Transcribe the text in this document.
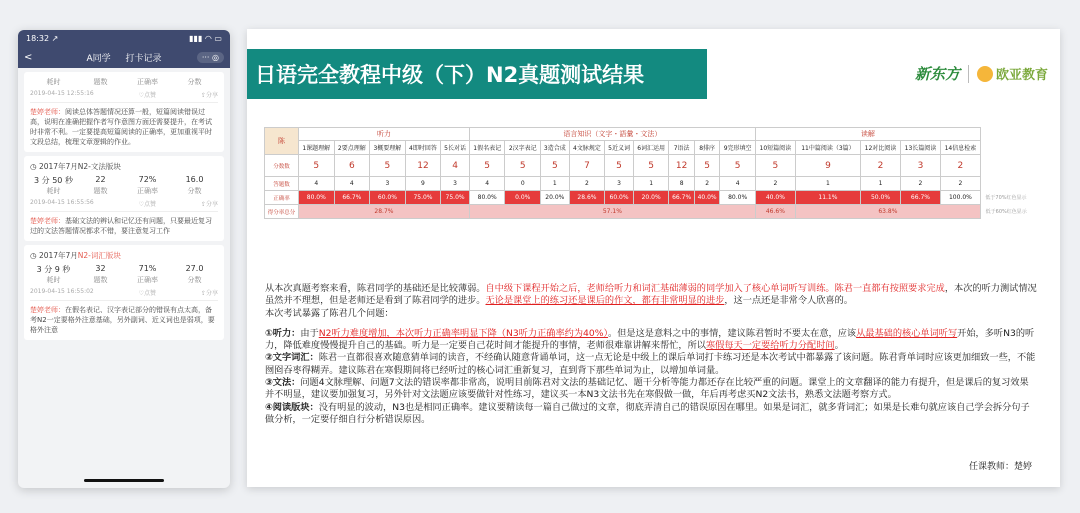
18:32 ↗	▮▮▮ ◠ ▭
<	A同学 打卡记录	··· ◎
耗时	题数	正确率	分数
2019-04-15 12:55:16	♡点赞	⇪分享
楚婷老师：阅读总体答题情况还算一般，短篇阅读错误过高，说明在准确把握作者写作意图方面还需要提升，在考试时非常不利。一定要提高短篇阅读的正确率，更加重视平时文段总结，梳理文章逻辑的作业。
◷ 2017年7月N2-文法版块
3 分 50 秒	22	72%	16.0
耗时	题数	正确率	分数
2019-04-15 16:55:56	♡点赞	⇪分享
楚婷老师：基础文法的辨认和记忆还有问题，只要最近复习过的文法答题情况都求不错，要注意复习工作
◷ 2017年7月N2-词汇版块
3 分 9 秒	32	71%	27.0
耗时	题数	正确率	分数
2019-04-15 16:55:02	♡点赞	⇪分享
楚婷老师：在假名表记、汉字表记部分的错误有点太高，备考N2一定要格外注意基础，另外副词、近义词也是弱项，要格外注意
日语完全教程中级（下）N2真题测试结果	新东方	欧亚教育
陈	听力					语言知识（文字・語彙・文法）									读解					
	1课题理解	2要点理解	3概要理解	4即时回答	5长对话	1假名表记	2汉字表记	3造合成	4文脉规定	5近义词	6词汇运用	7语法	8排序	9完形填空	10短篇阅读	11中篇阅读（3篇）	12对比阅读	13长篇阅读	14信息检索	
分数数	5	6	5	12	4	5	5	5	7	5	5	12	5	5	5	9	2	3	2	
答题数	4	4	3	9	3	4	0	1	2	3	1	8	2	4	2	1	1	2	2	
正确率	80.0%	66.7%	60.0%	75.0%	75.0%	80.0%	0.0%	20.0%	28.6%	60.0%	20.0%	66.7%	40.0%	80.0%	40.0%	11.1%	50.0%	66.7%	100.0%	低于70%红色显示
得分率总分	28.7%					57.1%									46.6%	63.8%				低于60%红色显示

从本次真题考察来看，陈君同学的基础还是比较薄弱。自中级下课程开始之后，老师给听力和词汇基础薄弱的同学加入了核心单词听写训练。陈君一直都有按照要求完成，本次的听力测试情况虽然并不理想，但是老师还是看到了陈君同学的进步。无论是课堂上的练习还是课后的作文，都有非常明显的进步，这一点还是非常令人欣喜的。

本次考试暴露了陈君几个问题：

①听力：由于N2听力难度增加，本次听力正确率明显下降（N3听力正确率约为40%）。但是这是意料之中的事情，建议陈君暂时不要太在意，应该从最基础的核心单词听写开始，多听N3的听力，降低难度慢慢提升自己的基础。听力是一定要自己花时间才能提升的事情，老师很难靠讲解来帮忙，所以寒假每天一定要给听力分配时间。

②文字词汇：陈君一直都很喜欢随意猜单词的读音，不经确认随意背诵单词，这一点无论是中级上的课后单词打卡练习还是本次考试中都暴露了该问题。陈君背单词时应该更加细致一些，不能囫囵吞枣得糊弄。建议陈君在寒假期间将已经听过的核心词汇重新复习，直到背下那些单词为止，以增加单词量。

③文法：问题4文脉理解、问题7文法的错误率都非常高，说明目前陈君对文法的基础记忆、题干分析等能力都还存在比较严重的问题。课堂上的文章翻译的能力有提升，但是课后的复习效果并不明显，建议要加强复习，另外针对文法题应该要做针对性练习，建议买一本N3文法书先在寒假做一做，年后再考虑买N2文法书，熟悉文法题考察方式。

④阅读版块：没有明显的波动，N3也是相同正确率。建议要精读每一篇自己做过的文章，彻底弄清自己的错误原因在哪里。如果是词汇，就多背词汇；如果是长难句就应该自己学会拆分句子做分析，一定要仔细自行分析错误原因。

任课教师：楚婷
